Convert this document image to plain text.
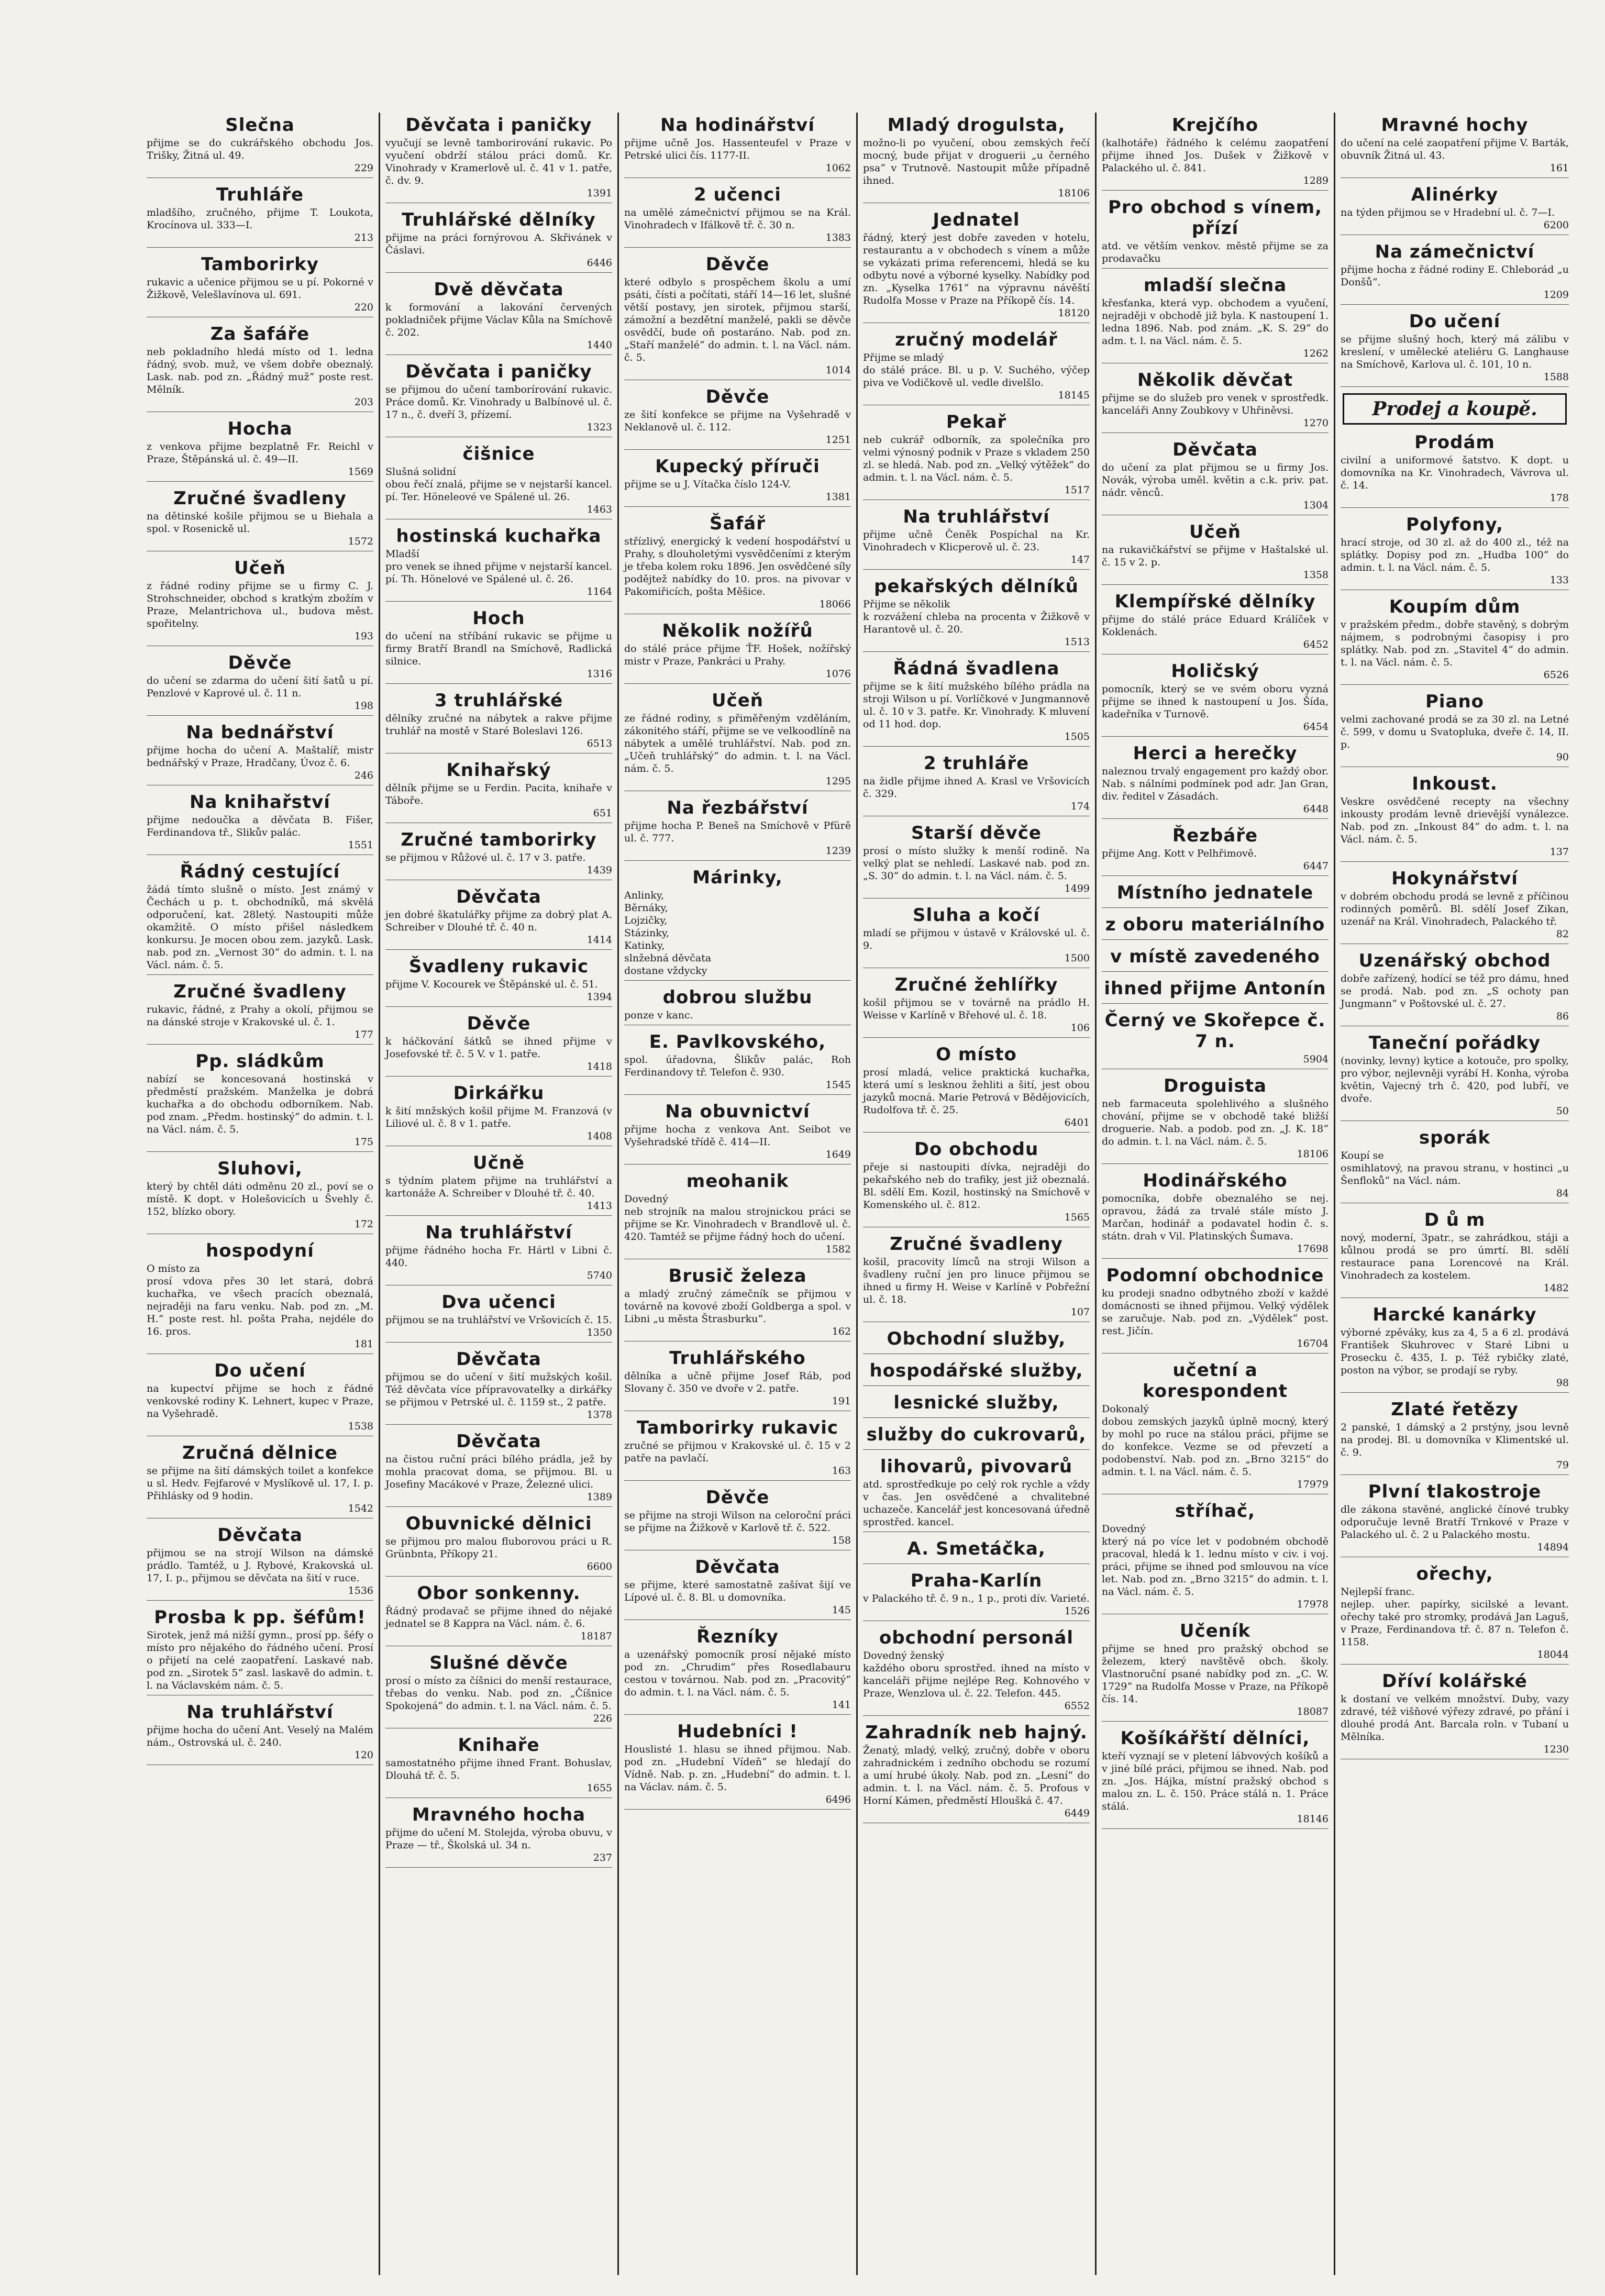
Slečna
přijme se do cukrářského obchodu Jos. Trišky, Žitná ul. 49.
229
Truhláře
mladšího, zručného, přijme T. Loukota, Krocínova ul. 333—I.
213
Tamborirky
rukavic a učenice přijmou se u pí. Pokorné v Žižkově, Velešlavínova ul. 691.
220
Za šafáře
neb pokladního hledá místo od 1. ledna řádný, svob. muž, ve všem dobře obeznalý. Lask. nab. pod zn. „Řádný muž“ poste rest. Mělník.
203
Hocha
z venkova přijme bezplatně Fr. Reichl v Praze, Štěpánská ul. č. 49—II.
1569
Zručné švadleny
na dětinské košile přijmou se u Biehala a spol. v Rosenickě ul.
1572
Učeň
z řádné rodiny přijme se u firmy C. J. Strohschneider, obchod s kratkým zbožím v Praze, Melantrichova ul., budova měst. spořitelny.
193
Děvče
do učení se zdarma do učení šití šatů u pí. Penzlové v Kaprové ul. č. 11 n.
198
Na bednářství
přijme hocha do učení A. Maštalíř, mistr bednářský v Praze, Hradčany, Úvoz č. 6.
246
Na knihařství
přijme nedoučka a děvčata B. Fišer, Ferdinandova tř., Slikův palác.
1551
Řádný cestující
žádá tímto slušně o místo. Jest známý v Čechách u p. t. obchodníků, má skvělá odporučení, kat. 28letý. Nastoupiti může okamžitě. O místo přišel následkem konkursu. Je mocen obou zem. jazyků. Lask. nab. pod zn. „Vernost 30“ do admin. t. l. na Václ. nám. č. 5.
Zručné švadleny
rukavic, řádné, z Prahy a okolí, přijmou se na dánské stroje v Krakovské ul. č. 1.
177
Pp. sládkům
nabízí se koncesovaná hostinská v předměstí pražském. Manželka je dobrá kuchařka a do obchodu odborníkem. Nab. pod znam. „Předm. hostinský“ do admin. t. l. na Václ. nám. č. 5.
175
Sluhovi,
který by chtěl dáti odměnu 20 zl., poví se o místě. K dopt. v Holešovicích u Švehly č. 152, blízko obory.
172
hospodyní
O místo za
prosí vdova přes 30 let stará, dobrá kuchařka, ve všech pracích obeznalá, nejraději na faru venku. Nab. pod zn. „M. H.“ poste rest. hl. pošta Praha, nejdéle do 16. pros.
181
Do učení
na kupectví přijme se hoch z řádné venkovské rodiny K. Lehnert, kupec v Praze, na Vyšehradě.
1538
Zručná dělnice
se přijme na šití dámských toilet a konfekce u sl. Hedv. Fejfarové v Myslíkově ul. 17, I. p. Přihlásky od 9 hodin.
1542
Děvčata
přijmou se na strojí Wilson na dámské prádlo. Tamtéž, u J. Rybové, Krakovská ul. 17, I. p., přijmou se děvčata na šití v ruce.
1536
Prosba k pp. šéfům!
Sirotek, jenž má nižší gymn., prosí pp. šéfy o místo pro nějakého do řádného učení. Prosí o přijetí na celé zaopatření. Laskavé nab. pod zn. „Sirotek 5“ zasl. laskavě do admin. t. l. na Václavském nám. č. 5.
Na truhlářství
přijme hocha do učení Ant. Veselý na Malém nám., Ostrovská ul. č. 240.
120
Děvčata i paničky
vyučují se levně tamborirování rukavic. Po vyučení obdrží stálou práci domů. Kr. Vinohrady v Kramerlově ul. č. 41 v 1. patře, č. dv. 9.
1391
Truhlářské dělníky
přijme na práci fornýrovou A. Skřivánek v Čáslavi.
6446
Dvě děvčata
k formování a lakování červených pokladniček přijme Václav Kůla na Smíchově č. 202.
1440
Děvčata i paničky
se přijmou do učení tamborírování rukavic. Práce domů. Kr. Vinohrady u Balbínové ul. č. 17 n., č. dveří 3, přízemí.
1323
čišnice
Slušná solidní
obou řečí znalá, přijme se v nejstarší kancel. pí. Ter. Höneleové ve Spálené ul. 26.
1463
hostinská kuchařka
Mladší
pro venek se ihned přijme v nejstarší kancel. pí. Th. Hönelové ve Spálené ul. č. 26.
1164
Hoch
do učení na stříbání rukavic se přijme u firmy Bratří Brandl na Smíchově, Radlická silnice.
1316
3 truhlářské
dělníky zručné na nábytek a rakve přijme truhlář na mostě v Staré Boleslavi 126.
6513
Knihařský
dělník přijme se u Ferdin. Pacita, knihaře v Táboře.
651
Zručné tamborirky
se přijmou v Růžové ul. č. 17 v 3. patře.
1439
Děvčata
jen dobré škatulářky přijme za dobrý plat A. Schreiber v Dlouhé tř. č. 40 n.
1414
Švadleny rukavic
přijme V. Kocourek ve Štěpánské ul. č. 51.
1394
Děvče
k háčkování šátků se ihned přijme v Josefovské tř. č. 5 V. v 1. patře.
1418
Dirkářku
k šití mnžských košil přijme M. Franzová (v Liliové ul. č. 8 v 1. patře.
1408
Učně
s týdním platem přijme na truhlářství a kartonáže A. Schreiber v Dlouhé tř. č. 40.
1413
Na truhlářství
přijme řádného hocha Fr. Hártl v Libni č. 440.
5740
Dva učenci
přijmou se na truhlářství ve Vršovicích č. 15.
1350
Děvčata
přijmou se do učení v šití mužských košil. Též děvčata více přípravovatelky a dirkářky se přijmou v Petrské ul. č. 1159 st., 2 patře.
1378
Děvčata
na čistou ruční práci bílého prádla, jež by mohla pracovat doma, se přijmou. Bl. u Josefiny Macákové v Praze, Železné ulici.
1389
Obuvnické dělnici
se přijmou pro malou fluborovou práci u R. Grünbnta, Příkopy 21.
6600
Obor sonkenny.
Řádný prodavač se přijme ihned do nějaké jednatel se 8 Kappra na Václ. nám. č. 6.
18187
Slušné děvče
prosí o místo za číšnici do menší restaurace, třebas do venku. Nab. pod zn. „Číšnice Spokojená“ do admin. t. l. na Václ. nám. č. 5.
226
Knihaře
samostatného přijme ihned Frant. Bohuslav, Dlouhá tř. č. 5.
1655
Mravného hocha
přijme do učení M. Stolejda, výroba obuvu, v Praze — tř., Školská ul. 34 n.
237
Na hodinářství
přijme učně Jos. Hassenteufel v Praze v Petrské ulici čís. 1177-II.
1062
2 učenci
na umělé zámečnictví přijmou se na Král. Vinohradech v Ifálkově tř. č. 30 n.
1383
Děvče
které odbylo s prospěchem školu a umí psáti, čísti a počítati, stáří 14—16 let, slušné větší postavy, jen sirotek, přijmou starší, zámožní a bezdětní manželé, pakli se děvče osvědčí, bude oň postaráno. Nab. pod zn. „Staří manželé“ do admin. t. l. na Václ. nám. č. 5.
1014
Děvče
ze šití konfekce se přijme na Vyšehradě v Neklanově ul. č. 112.
1251
Kupecký příruči
přijme se u J. Vítačka číslo 124-V.
1381
Šafář
střízlivý, energický k vedení hospodářství u Prahy, s dlouholetými vysvědčeními z kterým je třeba kolem roku 1896. Jen osvědčené síly podějtež nabídky do 10. pros. na pivovar v Pakomiřicích, pošta Měšice.
18066
Několik nožířů
do stálé práce přijme ŤF. Hošek, nožířský mistr v Praze, Pankráci u Prahy.
1076
Učeň
ze řádné rodiny, s přiměřeným vzděláním, zákonitého stáří, přijme se ve velkoodlíně na nábytek a umělé truhlářství. Nab. pod zn. „Učeň truhlářský“ do admin. t. l. na Václ. nám. č. 5.
1295
Na řezbářství
přijme hocha P. Beneš na Smíchově v Pfürě ul. č. 777.
1239
Márinky,
Anlinky,
Běrnáky,
Lojzičky,
Stázinky,
Katinky,
slnžebná děvčata
dostane vždycky
dobrou službu
ponze v kanc.
E. Pavlkovského,
spol. úřadovna, Šlikův palác, Roh Ferdinandovy tř. Telefon č. 930.
1545
Na obuvnictví
přijme hocha z venkova Ant. Seibot ve Vyšehradské třídě č. 414—II.
1649
meohanik
Dovedný
neb strojník na malou strojnickou práci se přijme se Kr. Vinohradech v Brandlově ul. č. 420. Tamtéž se přijme řádný hoch do učení.
1582
Brusič železa
a mladý zručný zámečník se přijmou v továrně na kovové zboží Goldberga a spol. v Libni „u města Štrasburku“.
162
Truhlářského
dělníka a učně přijme Josef Ráb, pod Slovany č. 350 ve dvoře v 2. patře.
191
Tamborirky rukavic
zručné se přijmou v Krakovské ul. č. 15 v 2 patře na pavlačí.
163
Děvče
se přijme na stroji Wilson na celoroční práci se přijme na Žižkově v Karlově tř. č. 522.
158
Děvčata
se přijme, které samostatně zašívat šijí ve Lípové ul. č. 8. Bl. u domovníka.
145
Řezníky
a uzenářský pomocník prosí nějaké místo pod zn. „Chrudim“ přes Rosedlabauru cestou v továrnou. Nab. pod zn. „Pracovitý“ do admin. t. l. na Václ. nám. č. 5.
141
Hudebníci !
Houslisté 1. hlasu se ihned přijmou. Nab. pod zn. „Hudební Vídeň“ se hledají do Vídně. Nab. p. zn. „Hudební“ do admin. t. l. na Václav. nám. č. 5.
6496
Mladý drogulsta,
možno-li po vyučení, obou zemských řečí mocný, bude přijat v droguerii „u černého psa“ v Trutnově. Nastoupit může případně ihned.
18106
Jednatel
řádný, který jest dobře zaveden v hotelu, restaurantu a v obchodech s vínem a může se vykázati prima referencemi, hledá se ku odbytu nové a výborné kyselky. Nabídky pod zn. „Kyselka 1761“ na výpravnu návěští Rudolfa Mosse v Praze na Příkopě čís. 14.
18120
zručný modelář
Přijme se mladý
do stálé práce. Bl. u p. V. Suchého, výčep piva ve Vodičkově ul. vedle divelšlo.
18145
Pekař
neb cukrář odborník, za společníka pro velmi výnosný podnik v Praze s vkladem 250 zl. se hledá. Nab. pod zn. „Velký výtěžek“ do admin. t. l. na Václ. nám. č. 5.
1517
Na truhlářství
přijme učně Čeněk Pospíchal na Kr. Vinohradech v Klicperově ul. č. 23.
147
pekařských dělníků
Přijme se několik
k rozvážení chleba na procenta v Žižkově v Harantově ul. č. 20.
1513
Řádná švadlena
přijme se k šití mužského bílého prádla na stroji Wilson u pí. Vorlíčkové v Jungmannově ul. č. 10 v 3. patře. Kr. Vinohrady. K mluvení od 11 hod. dop.
1505
2 truhláře
na židle přijme ihned A. Krasl ve Vršovicích č. 329.
174
Starší děvče
prosí o místo služky k menší rodině. Na velký plat se nehledí. Laskavé nab. pod zn. „S. 30“ do admin. t. l. na Václ. nám. č. 5.
1499
Sluha a kočí
mladí se přijmou v ústavě v Královské ul. č. 9.
1500
Zručné žehlířky
košil přijmou se v továrně na prádlo H. Weisse v Karlíně v Břehové ul. č. 18.
106
O místo
prosí mladá, velice praktická kuchařka, která umí s lesknou žehliti a šití, jest obou jazyků mocná. Marie Petrová v Bědějovicích, Rudolfova tř. č. 25.
6401
Do obchodu
přeje si nastoupiti dívka, nejraději do pekařského neb do trafiky, jest již obeznalá. Bl. sdělí Em. Kozil, hostinský na Smíchově v Komenského ul. č. 812.
1565
Zručné švadleny
košil, pracovity límců na stroji Wilson a švadleny ruční jen pro linuce přijmou se ihned u firmy H. Weise v Karlíně v Pobřežní ul. č. 18.
107
Obchodní služby,
hospodářské služby,
lesnické služby,
služby do cukrovarů,
lihovarů, pivovarů
atd. sprostředkuje po celý rok rychle a vždy v čas. Jen osvědčené a chvalitebné uchazeče. Kancelář jest koncesovaná úředně sprostřed. kancel.
A. Smetáčka,
Praha-Karlín
v Palackého tř. č. 9 n., 1 p., proti dív. Varieté.
1526
obchodní personál
Dovedný ženský
každého oboru sprostřed. ihned na místo v kanceláři přijme nejlépe Reg. Kohnového v Praze, Wenzlova ul. č. 22. Telefon. 445.
6552
Zahradník neb hajný.
Ženatý, mladý, velký, zručný, dobře v oboru zahradnickém i zedního obchodu se rozumí a umí hrubé úkoly. Nab. pod zn. „Lesní“ do admin. t. l. na Václ. nám. č. 5. Profous v Horní Kámen, předměstí Hloušká č. 47.
6449
Krejčího
(kalhotáře) řádného k celému zaopatření přijme ihned Jos. Dušek v Žižkově v Palackého ul. č. 841.
1289
Pro obchod s vínem, přízí
atd. ve větším venkov. městě přijme se za prodavačku
mladší slečna
křesťanka, která vyp. obchodem a vyučení, nejraději v obchodě již byla. K nastoupení 1. ledna 1896. Nab. pod znám. „K. S. 29“ do adm. t. l. na Václ. nám. č. 5.
1262
Několik děvčat
přijme se do služeb pro venek v sprostředk. kanceláři Anny Zoubkovy v Uhřiněvsi.
1270
Děvčata
do učení za plat přijmou se u firmy Jos. Novák, výroba uměl. květin a c.k. priv. pat. nádr. věnců.
1304
Učeň
na rukavičkářství se přijme v Haštalské ul. č. 15 v 2. p.
1358
Klempířské dělníky
přijme do stálé práce Eduard Králíček v Koklenách.
6452
Holičský
pomocník, který se ve svém oboru vyzná přijme se ihned k nastoupení u Jos. Šída, kadeřníka v Turnově.
6454
Herci a herečky
naleznou trvalý engagement pro každý obor. Nab. s nálními podmínek pod adr. Jan Gran, div. ředitel v Zásadách.
6448
Řezbáře
přijme Ang. Kott v Pelhřimově.
6447
Místního jednatele
z oboru materiálního
v místě zavedeného
ihned přijme Antonín
Černý ve Skořepce č. 7 n.
5904
Droguista
neb farmaceuta spolehlivého a slušného chování, přijme se v obchodě také bližší droguerie. Nab. a podob. pod zn. „J. K. 18“ do admin. t. l. na Václ. nám. č. 5.
18106
Hodinářského
pomocníka, dobře obeznalého se nej. opravou, žádá za trvalé stále místo J. Marčan, hodinář a podavatel hodin č. s. státn. drah v Vil. Platinských Šumava.
17698
Podomní obchodnice
ku prodeji snadno odbytného zboží v každé domácnosti se ihned přijmou. Velký výdělek se zaručuje. Nab. pod zn. „Výdělek“ post. rest. Jičín.
16704
učetní a korespondent
Dokonalý
dobou zemských jazyků úplně mocný, který by mohl po ruce na stálou práci, přijme se do konfekce. Vezme se od převzetí a podobenství. Nab. pod zn. „Brno 3215“ do admin. t. l. na Václ. nám. č. 5.
17979
stříhač,
Dovedný
který ná po více let v podobném obchodě pracoval, hledá k 1. lednu místo v civ. i voj. práci, přijme se ihned pod smlouvou na více let. Nab. pod zn. „Brno 3215“ do admin. t. l. na Václ. nám. č. 5.
17978
Učeník
přijme se hned pro pražský obchod se železem, který navštěvě obch. školy. Vlastnoruční psané nabídky pod zn. „C. W. 1729“ na Rudolfa Mosse v Praze, na Příkopě čís. 14.
18087
Košíkářští dělníci,
kteří vyznají se v pletení lábvových košíků a v jiné bílé práci, přijmou se ihned. Nab. pod zn. „Jos. Hájka, místní pražský obchod s malou zn. L. č. 150. Práce stálá n. 1. Práce stálá.
18146
Mravné hochy
do učení na celé zaopatření přijme V. Barták, obuvník Žitná ul. 43.
161
Alinérky
na týden přijmou se v Hradební ul. č. 7—I.
6200
Na zámečnictví
přijme hocha z řádné rodiny E. Chleborád „u Donšů“.
1209
Do učení
se přijme slušný hoch, který má zálibu v kreslení, v umělecké ateliéru G. Langhause na Smíchově, Karlova ul. č. 101, 10 n.
1588
Prodej a koupě.
Prodám
civilní a uniformové šatstvo. K dopt. u domovníka na Kr. Vinohradech, Vávrova ul. č. 14.
178
Polyfony,
hrací stroje, od 30 zl. až do 400 zl., též na splátky. Dopisy pod zn. „Hudba 100“ do admin. t. l. na Václ. nám. č. 5.
133
Koupím dům
v pražském předm., dobře stavěný, s dobrým nájmem, s podrobnými časopisy i pro splátky. Nab. pod zn. „Stavitel 4“ do admin. t. l. na Václ. nám. č. 5.
6526
Piano
velmi zachované prodá se za 30 zl. na Letné č. 599, v domu u Svatopluka, dveře č. 14, II. p.
90
Inkoust.
Veskre osvědčené recepty na všechny inkousty prodám levně drievější vynálezce. Nab. pod zn. „Inkoust 84“ do adm. t. l. na Václ. nám. č. 5.
137
Hokynářství
v dobrém obchodu prodá se levně z příčinou rodinných poměrů. Bl. sdělí Josef Zikan, uzenář na Král. Vinohradech, Palackého tř.
82
Uzenářský obchod
dobře zařízený, hodící se též pro dámu, hned se prodá. Nab. pod zn. „S ochoty pan Jungmann“ v Poštovské ul. č. 27.
86
Taneční pořádky
(novinky, levny) kytice a kotouče, pro spolky, pro výbor, nejlevněji vyrábí H. Konha, výroba květin, Vajecný trh č. 420, pod lubří, ve dvoře.
50
sporák
Koupí se
osmihlatový, na pravou stranu, v hostinci „u Šenfloků“ na Václ. nám.
84
D ů m
nový, moderní, 3patr., se zahrádkou, stáji a kůlnou prodá se pro úmrtí. Bl. sdělí restaurace pana Lorencové na Král. Vinohradech za kostelem.
1482
Harcké kanárky
výborné zpěváky, kus za 4, 5 a 6 zl. prodává František Skuhrovec v Staré Libni u Prosecku č. 435, I. p. Též rybičky zlaté, poston na výbor, se prodají se ryby.
98
Zlaté řetězy
2 panské, 1 dámský a 2 prstýny, jsou levně na prodej. Bl. u domovníka v Klimentské ul. č. 9.
79
Plvní tlakostroje
dle zákona stavěné, anglické čínové trubky odporučuje levně Bratří Trnkové v Praze v Palackého ul. č. 2 u Palackého mostu.
14894
ořechy,
Nejlepší franc.
nejlep. uher. papírky, sicilské a levant. ořechy také pro stromky, prodává Jan Laguš, v Praze, Ferdinandova tř. č. 87 n. Telefon č. 1158.
18044
Dříví kolářské
k dostaní ve velkém množství. Duby, vazy zdravé, též višňové výřezy zdravé, po přání i dlouhé prodá Ant. Barcala roln. v Tubaní u Mělníka.
1230
